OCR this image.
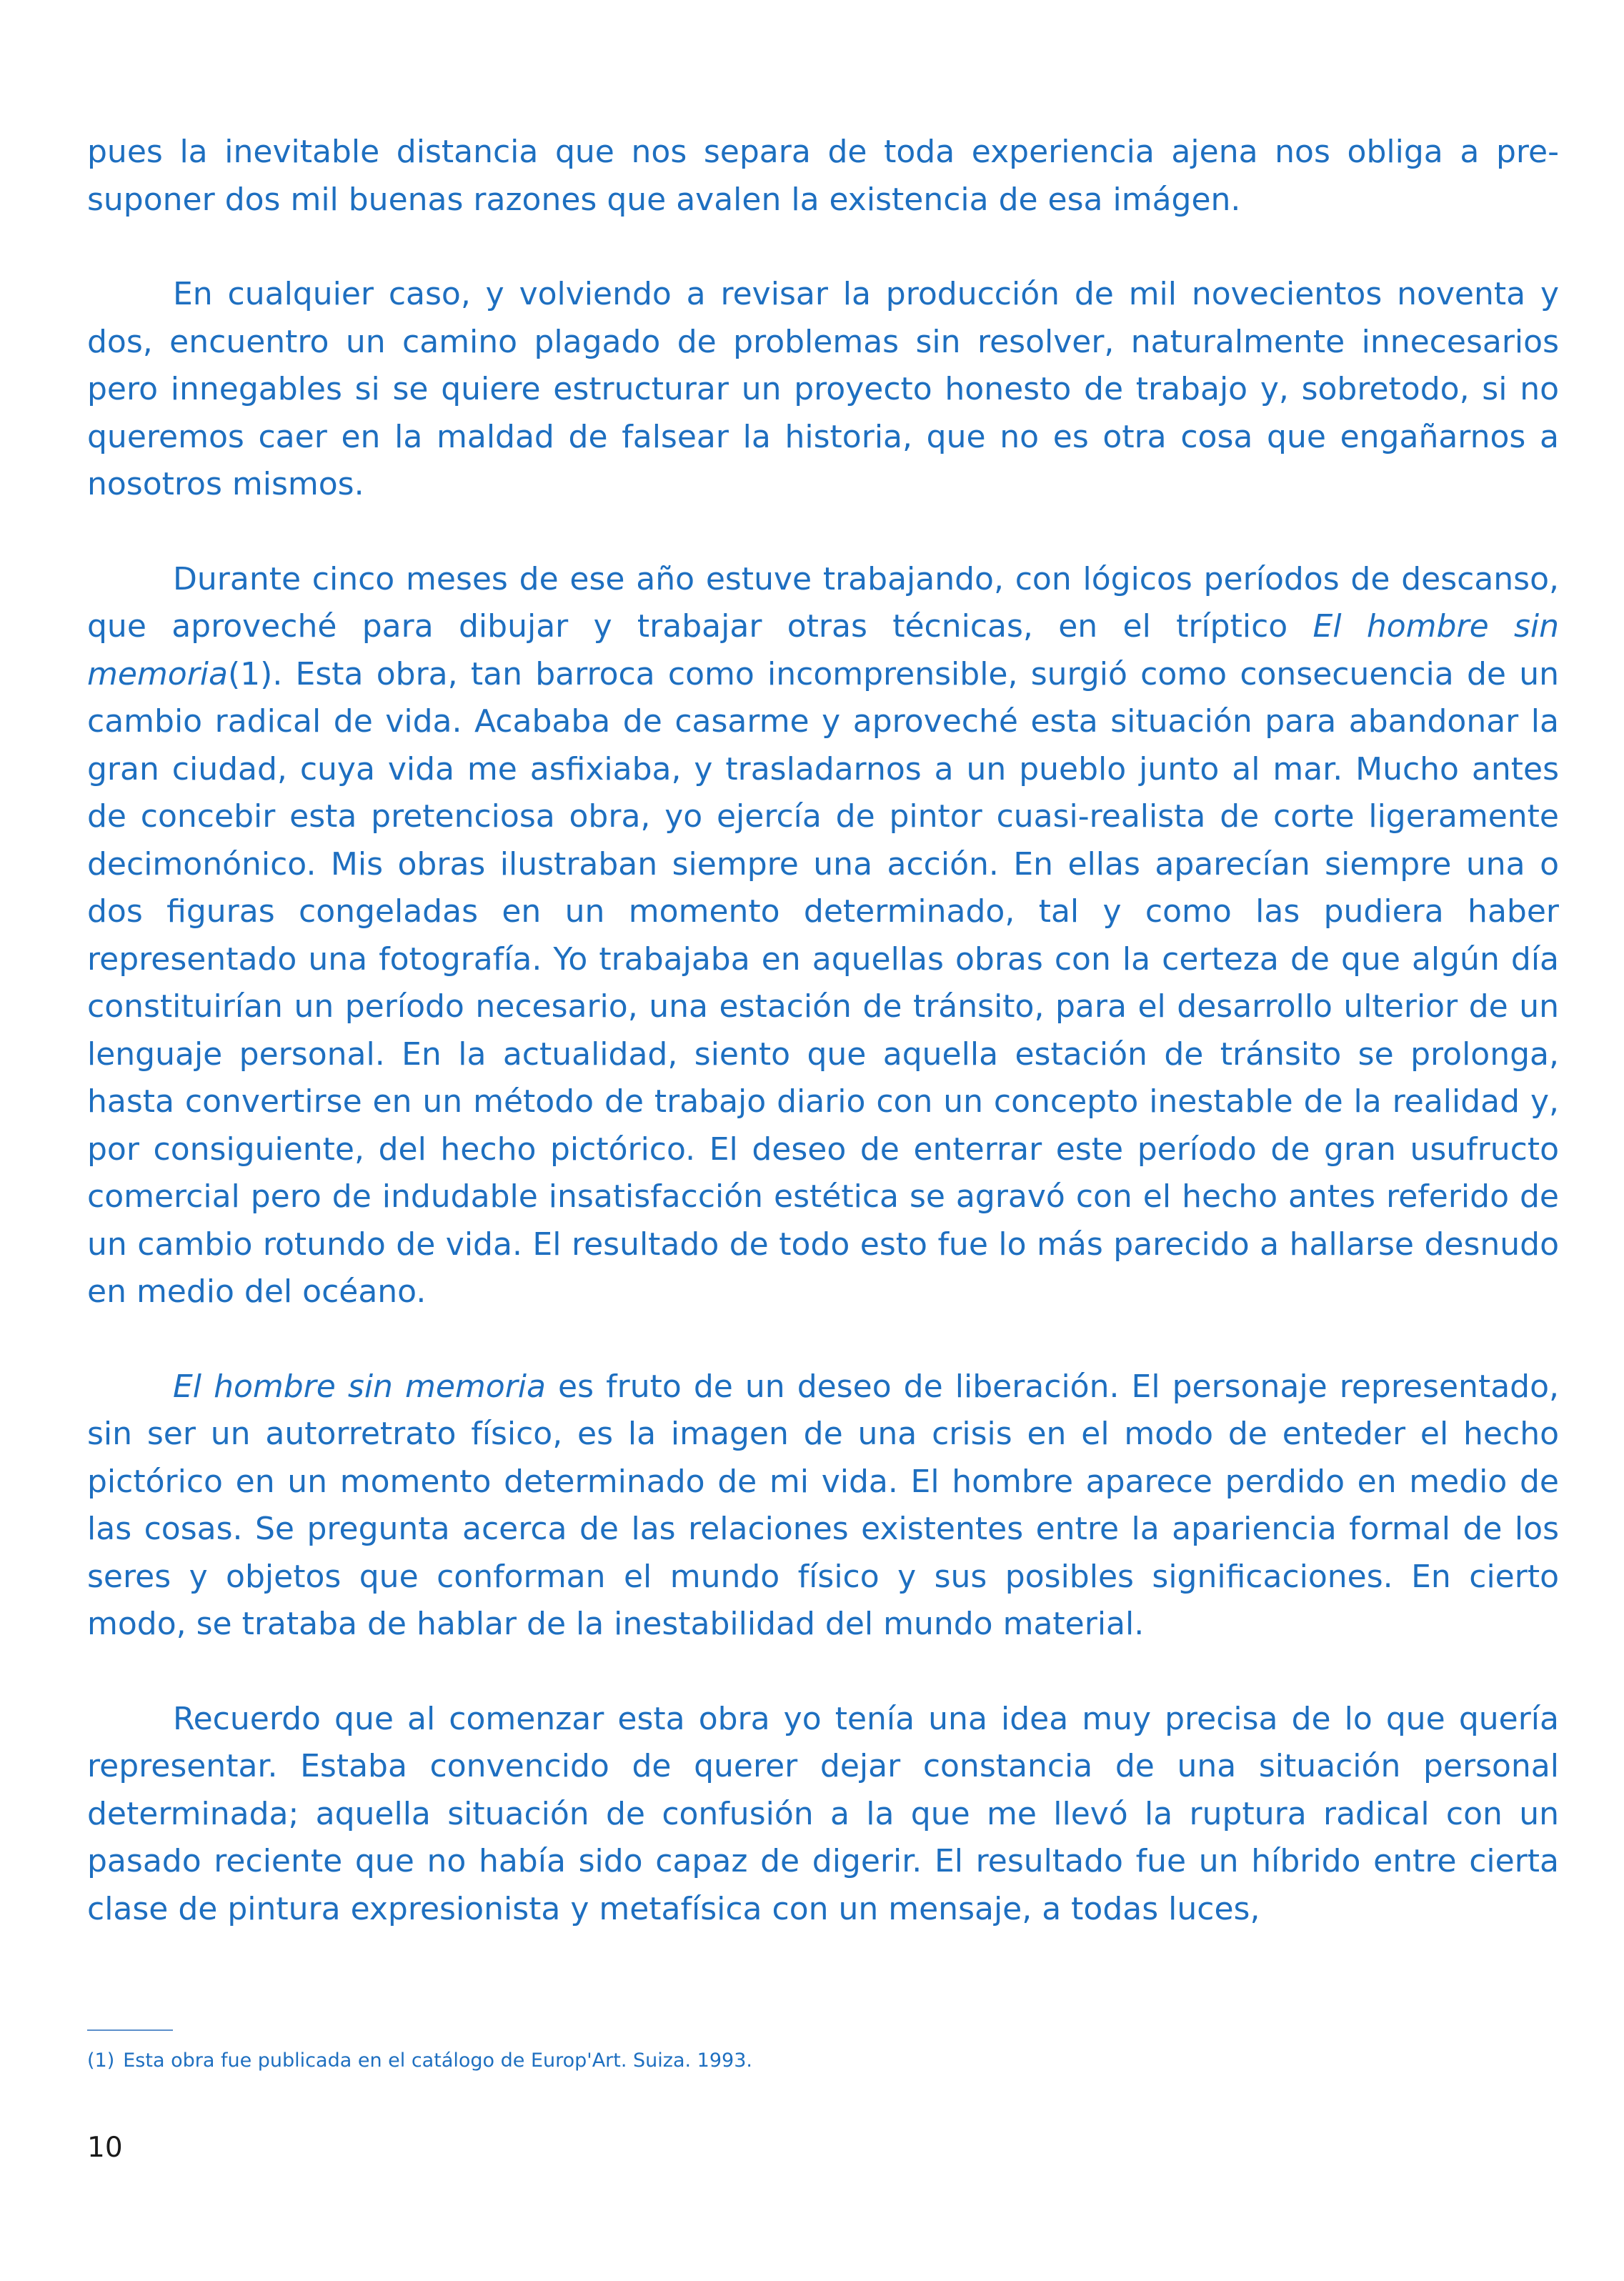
pues la inevitable distancia que nos separa de toda experiencia ajena nos obliga a presuponer dos mil buenas razones que avalen la existencia de esa imágen.

En cualquier caso, y volviendo a revisar la producción de mil novecientos noventa y dos, encuentro un camino plagado de problemas sin resolver, naturalmente innecesarios pero innegables si se quiere estructurar un proyecto honesto de trabajo y, sobretodo, si no queremos caer en la maldad de falsear la historia, que no es otra cosa que engañarnos a nosotros mismos.

Durante cinco meses de ese año estuve trabajando, con lógicos períodos de descanso, que aproveché para dibujar y trabajar otras técnicas, en el tríptico El hombre sin memoria(1). Esta obra, tan barroca como incomprensible, surgió como consecuencia de un cambio radical de vida. Acababa de casarme y aproveché esta situación para abandonar la gran ciudad, cuya vida me asfixiaba, y trasladarnos a un pueblo junto al mar. Mucho antes de concebir esta pretenciosa obra, yo ejercía de pintor cuasi-realista de corte ligeramente decimonónico. Mis obras ilustraban siempre una acción. En ellas aparecían siempre una o dos figuras congeladas en un momento determinado, tal y como las pudiera haber representado una fotografía. Yo trabajaba en aquellas obras con la certeza de que algún día constituirían un período necesario, una estación de tránsito, para el desarrollo ulterior de un lenguaje personal. En la actualidad, siento que aquella estación de tránsito se prolonga, hasta convertirse en un método de trabajo diario con un concepto inestable de la realidad y, por consiguiente, del hecho pictórico. El deseo de enterrar este período de gran usufructo comercial pero de indudable insatisfacción estética se agravó con el hecho antes referido de un cambio rotundo de vida. El resultado de todo esto fue lo más parecido a hallarse desnudo en medio del océano.

El hombre sin memoria es fruto de un deseo de liberación. El personaje representado, sin ser un autorretrato físico, es la imagen de una crisis en el modo de enteder el hecho pictórico en un momento determinado de mi vida. El hombre aparece perdido en medio de las cosas. Se pregunta acerca de las relaciones existentes entre la apariencia formal de los seres y objetos que conforman el mundo físico y sus posibles significaciones. En cierto modo, se trataba de hablar de la inestabilidad del mundo material.

Recuerdo que al comenzar esta obra yo tenía una idea muy precisa de lo que quería representar. Estaba convencido de querer dejar constancia de una situación personal determinada; aquella situación de confusión a la que me llevó la ruptura radical con un pasado reciente que no había sido capaz de digerir. El resultado fue un híbrido entre cierta clase de pintura expresionista y metafísica con un mensaje, a todas luces,

(1) Esta obra fue publicada en el catálogo de Europ'Art. Suiza. 1993.
10
